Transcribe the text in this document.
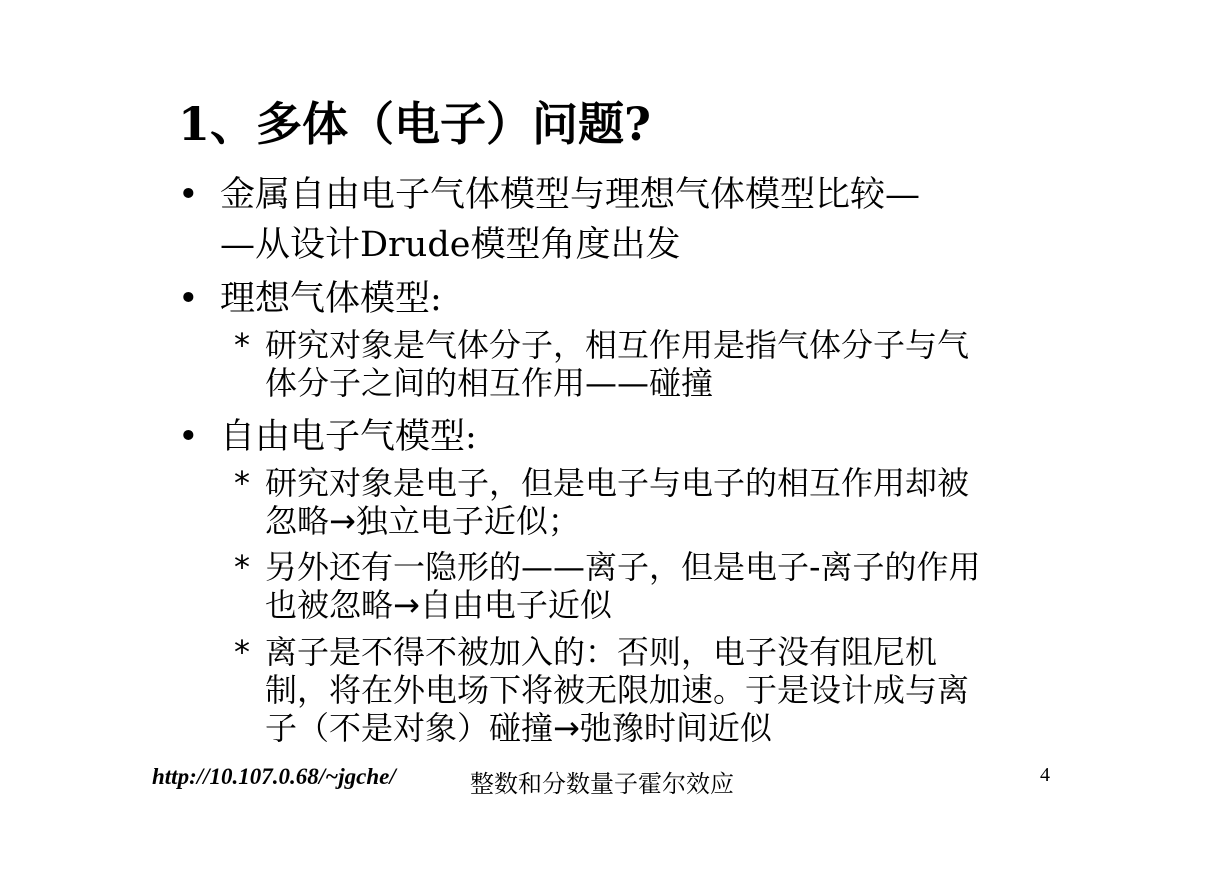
1、多体（电子）问题?
• 金属自由电子气体模型与理想气体模型比较—
—从设计Drude模型角度出发
• 理想气体模型:
* 研究对象是气体分子，相互作用是指气体分子与气
体分子之间的相互作用——碰撞
• 自由电子气模型:
* 研究对象是电子，但是电子与电子的相互作用却被
忽略→独立电子近似；
* 另外还有一隐形的——离子，但是电子-离子的作用
也被忽略→自由电子近似
* 离子是不得不被加入的：否则，电子没有阻尼机
制，将在外电场下将被无限加速。于是设计成与离
子（不是对象）碰撞→弛豫时间近似
http://10.107.0.68/~jgche/	整数和分数量子霍尔效应	4
